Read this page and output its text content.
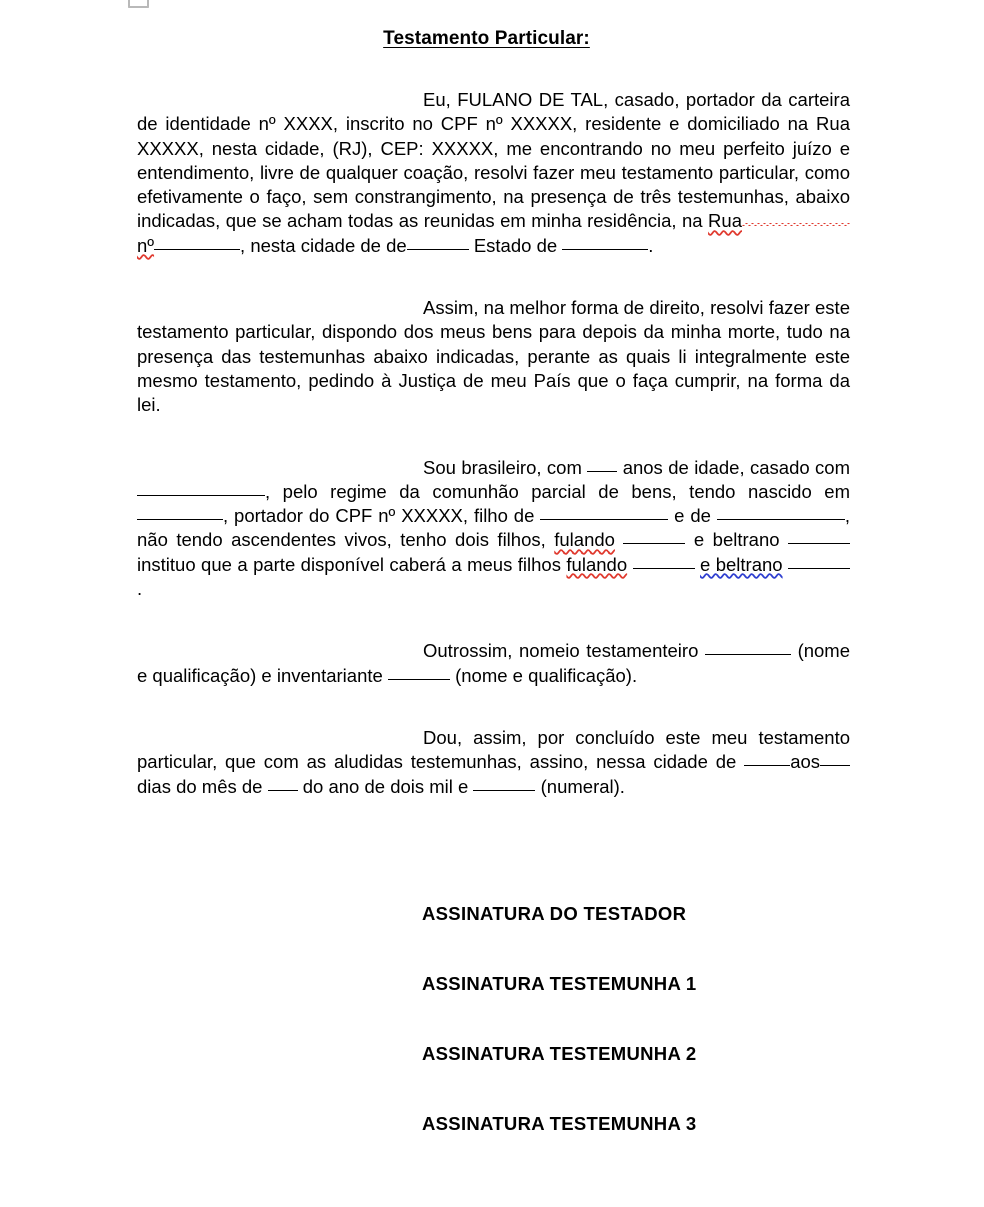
Testamento Particular:

Eu, FULANO DE TAL, casado, portador da carteira de identidade nº XXXX, inscrito no CPF nº XXXXX, residente e domiciliado na Rua XXXXX, nesta cidade, (RJ), CEP: XXXXX, me encontrando no meu perfeito juízo e entendimento, livre de qualquer coação, resolvi fazer meu testamento particular, como efetivamente o faço, sem constrangimento, na presença de três testemunhas, abaixo indicadas, que se acham todas as reunidas em minha residência, na Ruanº	, nesta cidade de de	Estado de	.

Assim, na melhor forma de direito, resolvi fazer este testamento particular, dispondo dos meus bens para depois da minha morte, tudo na presença das testemunhas abaixo indicadas, perante as quais li integralmente este mesmo testamento, pedindo à Justiça de meu País que o faça cumprir, na forma da lei.

Sou brasileiro, com anos de idade, casado com , pelo regime da comunhão parcial de bens, tendo nascido em , portador do CPF nº XXXXX, filho de	e de	, não tendo ascendentes vivos, tenho dois filhos, fulando	e beltrano  instituo que a parte disponível caberá a meus filhos fulando	e beltrano .

Outrossim, nomeio testamenteiro	(nome e qualificação) e inventariante	(nome e qualificação).

Dou, assim, por concluído este meu testamento particular, que com as aludidas testemunhas, assino, nessa cidade de	aos dias do mês de do ano de dois mil e	(numeral).

ASSINATURA DO TESTADOR
ASSINATURA TESTEMUNHA 1
ASSINATURA TESTEMUNHA 2
ASSINATURA TESTEMUNHA 3
